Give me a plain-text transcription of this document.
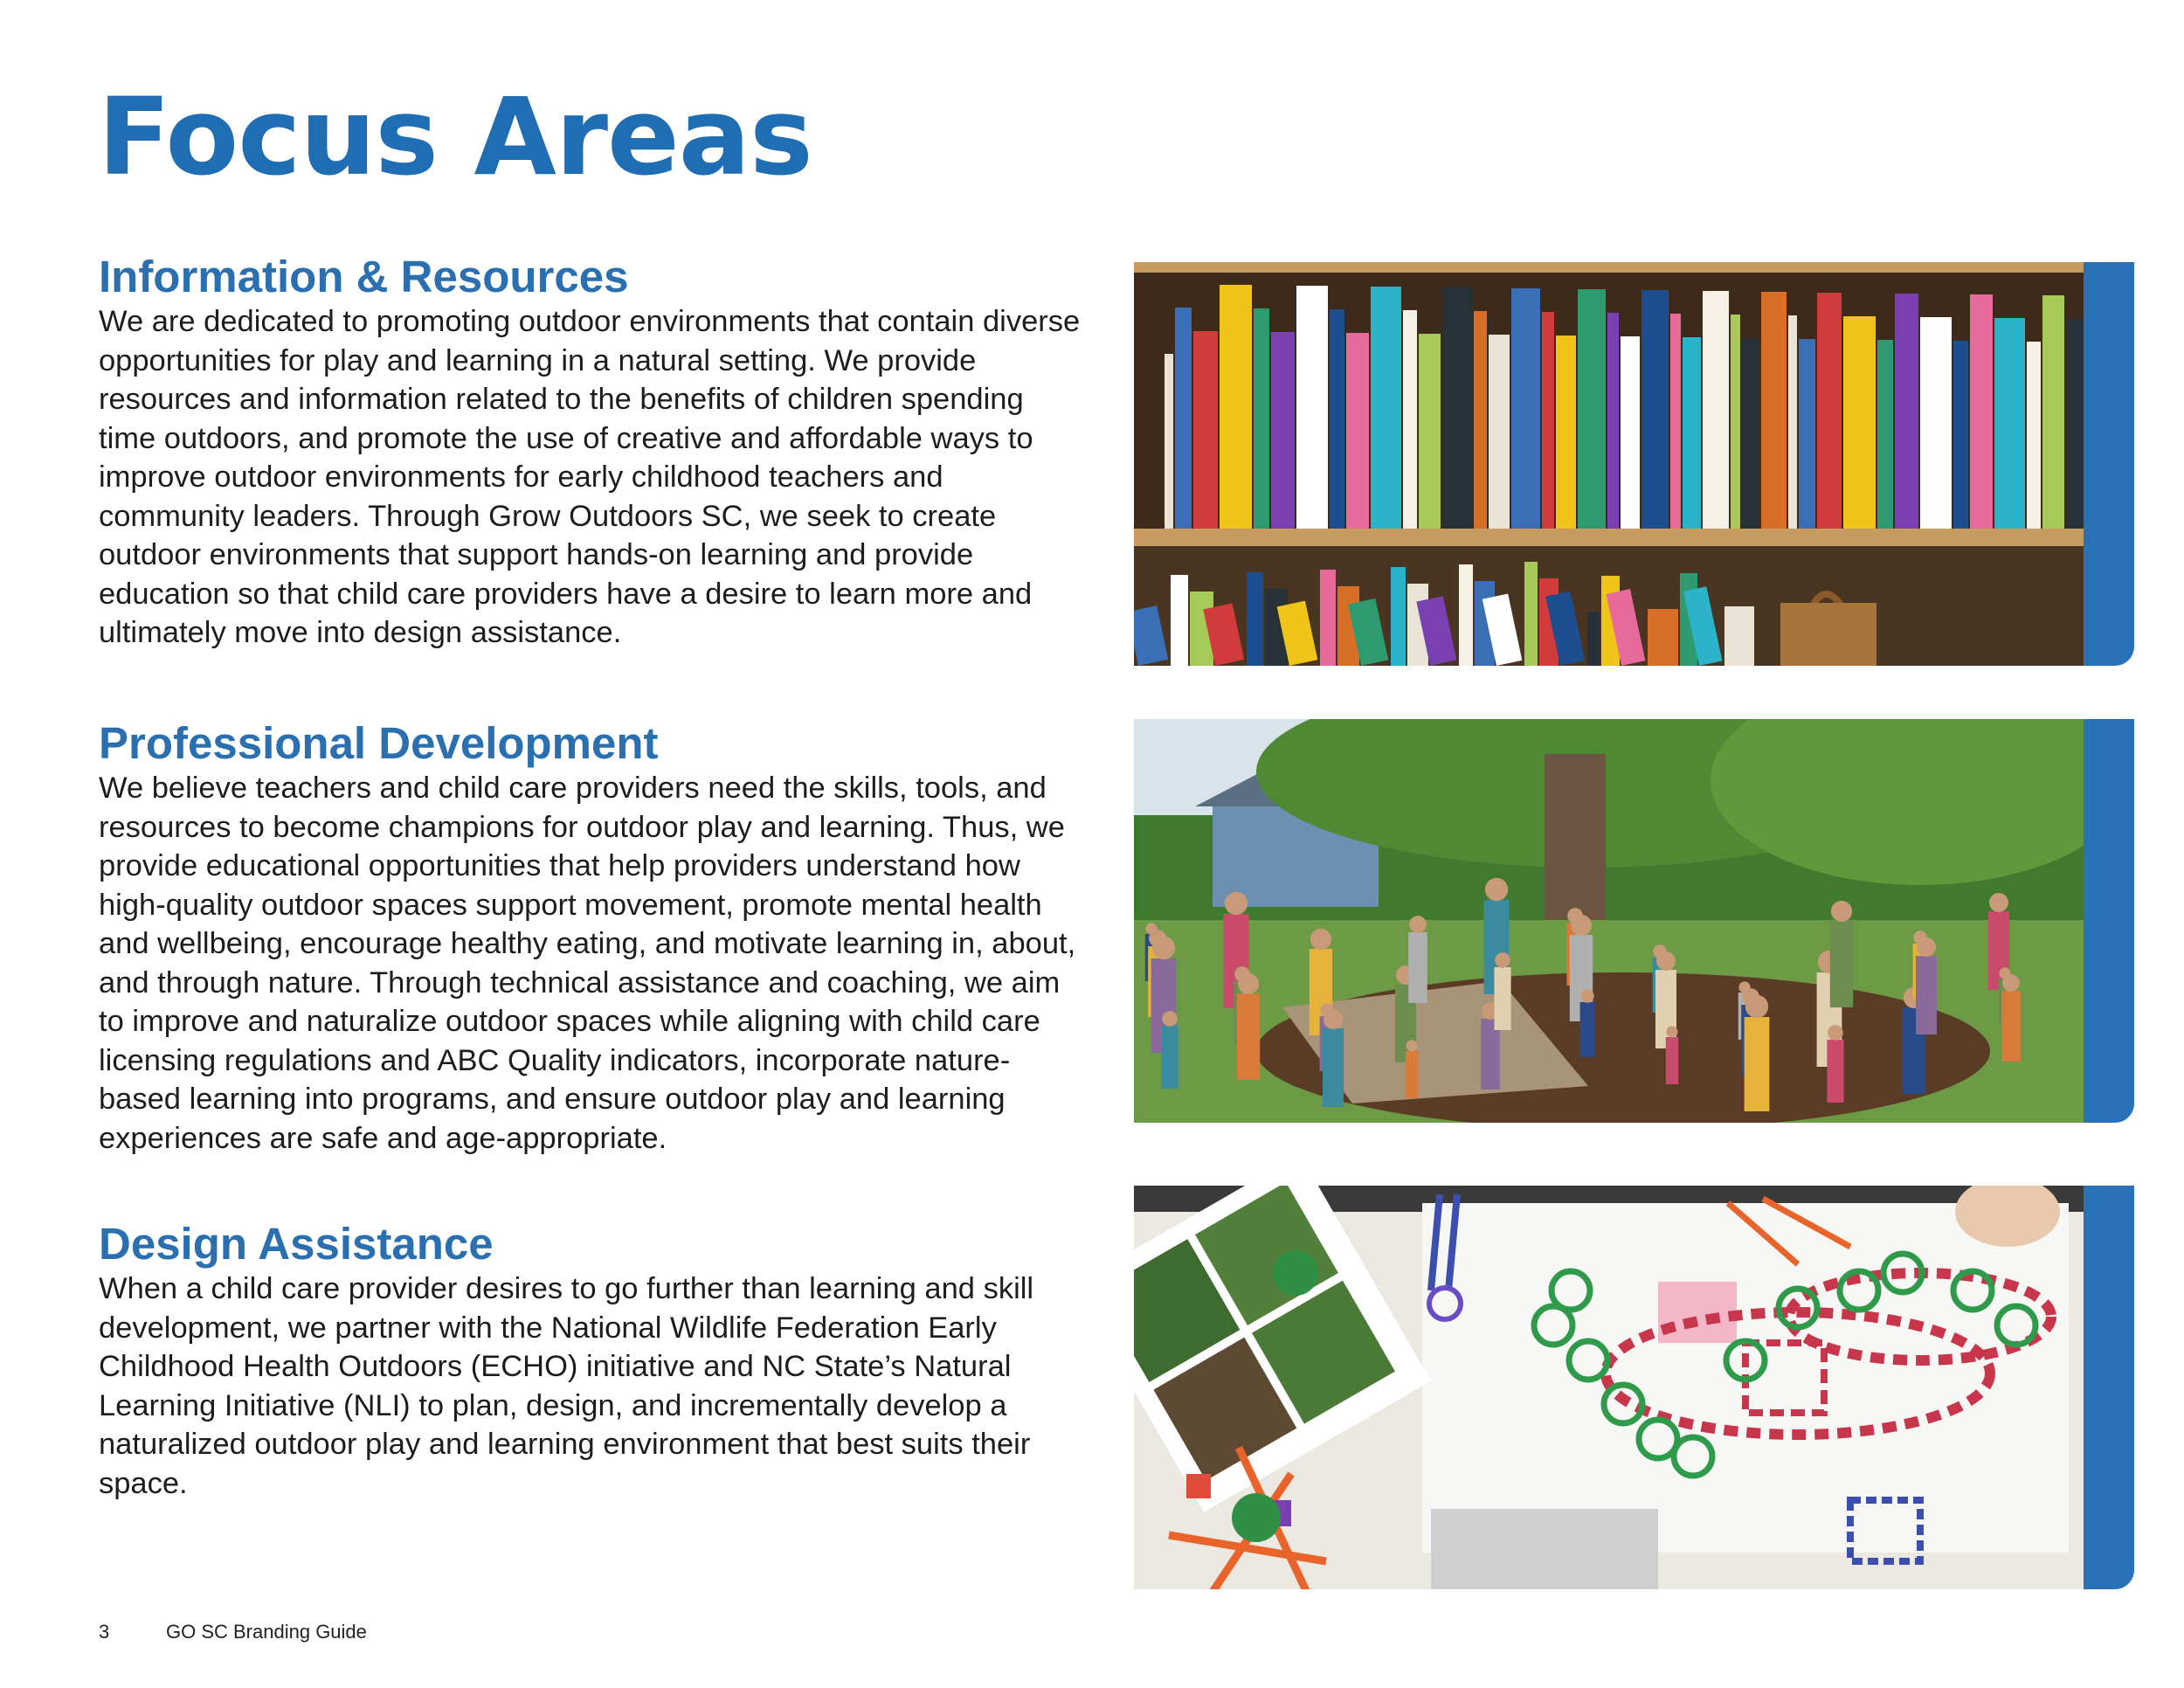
Focus Areas
Information & Resources

We are dedicated to promoting outdoor environments that contain diverse opportunities for play and learning in a natural setting. We provide resources and information related to the benefits of children spending time outdoors, and promote the use of creative and affordable ways to improve outdoor environments for early childhood teachers and community leaders. Through Grow Outdoors SC, we seek to create outdoor environments that support hands-on learning and provide education so that child care providers have a desire to learn more and ultimately move into design assistance.

Professional Development

We believe teachers and child care providers need the skills, tools, and resources to become champions for outdoor play and learning. Thus, we provide educational opportunities that help providers understand how high-quality outdoor spaces support movement, promote mental health and wellbeing, encourage healthy eating, and motivate learning in, about, and through nature. Through technical assistance and coaching, we aim to improve and naturalize outdoor spaces while aligning with child care licensing regulations and ABC Quality indicators, incorporate nature-based learning into programs, and ensure outdoor play and learning experiences are safe and age-appropriate.

Design Assistance

When a child care provider desires to go further than learning and skill development, we partner with the National Wildlife Federation Early Childhood Health Outdoors (ECHO) initiative and NC State’s Natural Learning Initiative (NLI) to plan, design, and incrementally develop a naturalized outdoor play and learning environment that best suits their space.

3	GO SC Branding Guide
